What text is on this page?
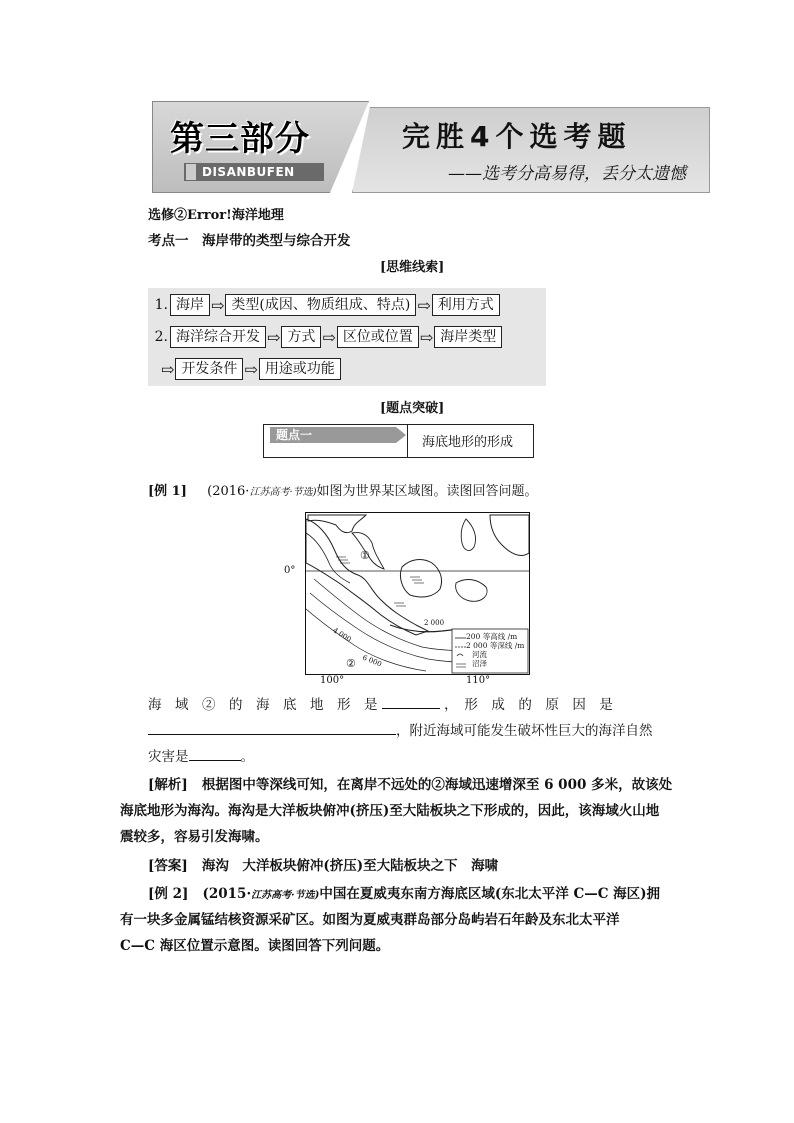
第三部分
DISANBUFEN
完胜4个选考题
——选考分高易得，丢分太遗憾
选修②Error!海洋地理
考点一　海岸带的类型与综合开发
[思维线索]
1. 海岸 ⇨ 类型(成因、物质组成、特点) ⇨ 利用方式
2. 海洋综合开发 ⇨ 方式 ⇨ 区位或位置 ⇨ 海岸类型
⇨ 开发条件 ⇨ 用途或功能
[题点突破]
题点一	海底地形的形成
[例 1] (2016·江苏高考·节选)如图为世界某区域图。读图回答问题。
0°
①
②
4 000
6 000
2 000
200 等高线 /m
2 000 等深线 /m
河流
沼泽
100°	110°
海　域　②　的　海　底　地　形　是	，　形　成　的　原　因　是
，附近海域可能发生破坏性巨大的海洋自然
灾害是	。
[解析] 根据图中等深线可知，在离岸不远处的②海域迅速增深至 6 000 多米，故该处
海底地形为海沟。海沟是大洋板块俯冲(挤压)至大陆板块之下形成的，因此，该海域火山地
震较多，容易引发海啸。
[答案] 海沟　大洋板块俯冲(挤压)至大陆板块之下　海啸
[例 2] (2015·江苏高考·节选)中国在夏威夷东南方海底区域(东北太平洋 C—C 海区)拥
有一块多金属锰结核资源采矿区。如图为夏威夷群岛部分岛屿岩石年龄及东北太平洋
C—C 海区位置示意图。读图回答下列问题。
